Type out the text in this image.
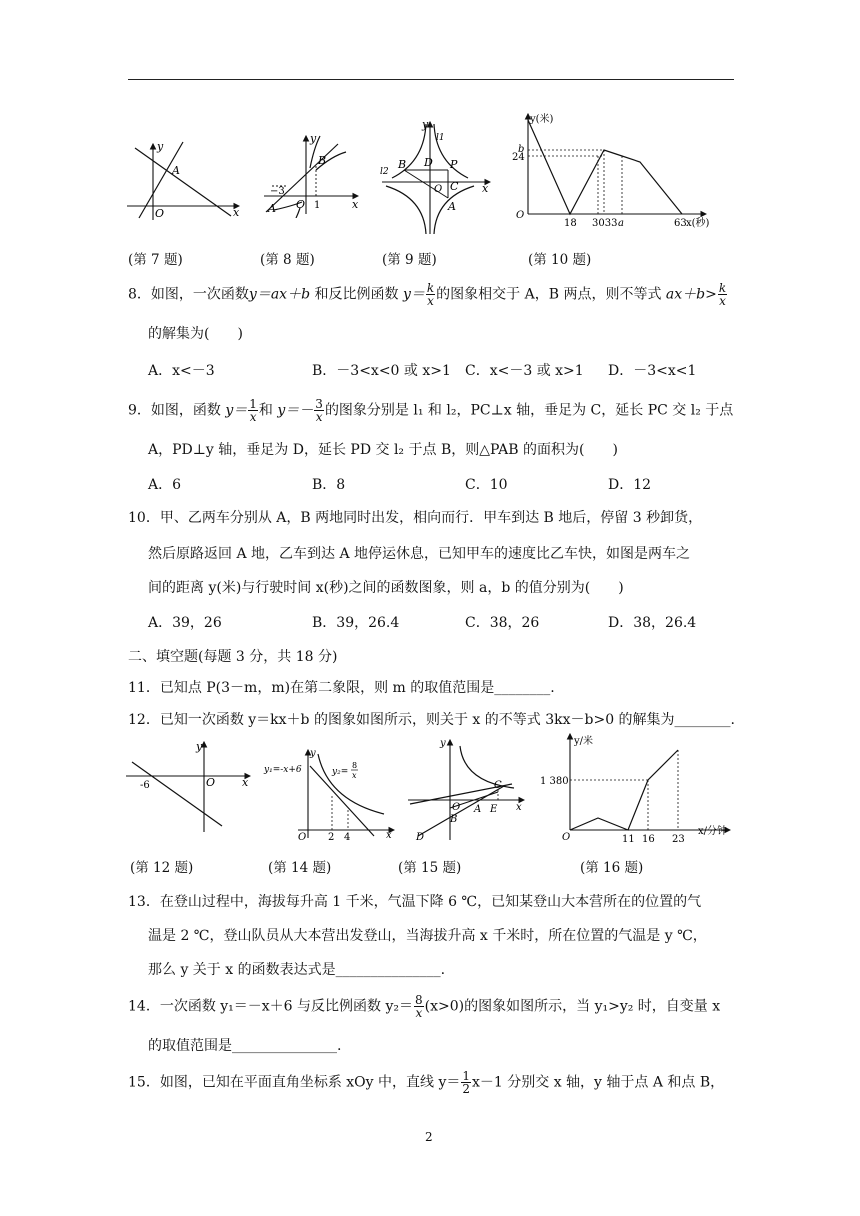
y
x
O
A
(第 7 题)
y
x
O
B
A
−3
1
(第 8 题)
y
x
O
l1
l2
B D P
C
A
(第 9 题)
y(米)
b
24
O
18 3033 a	63 x(秒)
(第 10 题)
8．如图，一次函数y＝ax＋b 和反比例函数 $y= \frac{k}{x}$ 的图象相交于 A，B 两点，则不等式 $ax+b> \frac{k}{x}$
的解集为(　　)
A．x<－3	B．－3<x<0 或 x>1 C．x<－3 或 x>1 D．－3<x<1
9．如图，函数 $y= \frac{1}{x}$ 和 $y=- \frac{3}{x}$ 的图象分别是 l₁ 和 l₂，PC⊥x 轴，垂足为 C，延长 PC 交 l₂ 于点
A，PD⊥y 轴，垂足为 D，延长 PD 交 l₂ 于点 B，则△PAB 的面积为(　　)
A．6	B．8	C．10	D．12
10．甲、乙两车分别从 A，B 两地同时出发，相向而行．甲车到达 B 地后，停留 3 秒卸货，
然后原路返回 A 地，乙车到达 A 地停运休息，已知甲车的速度比乙车快，如图是两车之
间的距离 y(米)与行驶时间 x(秒)之间的函数图象，则 a，b 的值分别为(　　)
A．39，26	B．39，26.4	C．38，26	D．38，26.4
二、填空题(每题 3 分，共 18 分)
11．已知点 P(3－m，m)在第二象限，则 m 的取值范围是________.
12．已知一次函数 y＝kx＋b 的图象如图所示，则关于 x 的不等式 3kx－b>0 的解集为________.
y
x
O
-6
(第 12 题)
y
y₁=-x+6	y₂=
8
x
O 2 4	x
(第 14 题)
y
C
O A E
B
D
x
(第 15 题)
y/米
1 380
O	11 16 23
x/分钟
(第 16 题)
13．在登山过程中，海拔每升高 1 千米，气温下降 6 ℃，已知某登山大本营所在的位置的气
温是 2 ℃，登山队员从大本营出发登山，当海拔升高 x 千米时，所在位置的气温是 y ℃，
那么 y 关于 x 的函数表达式是_______________.
14．一次函数 y₁＝－x＋6 与反比例函数 $y_2= \frac{8}{x} (x>0)$的图象如图所示，当 y₁>y₂ 时，自变量 x
的取值范围是_______________.
15．如图，已知在平面直角坐标系 xOy 中，直线 $y= \frac{1}{2} x-1$ 分别交 x 轴，y 轴于点 A 和点 B，
2
